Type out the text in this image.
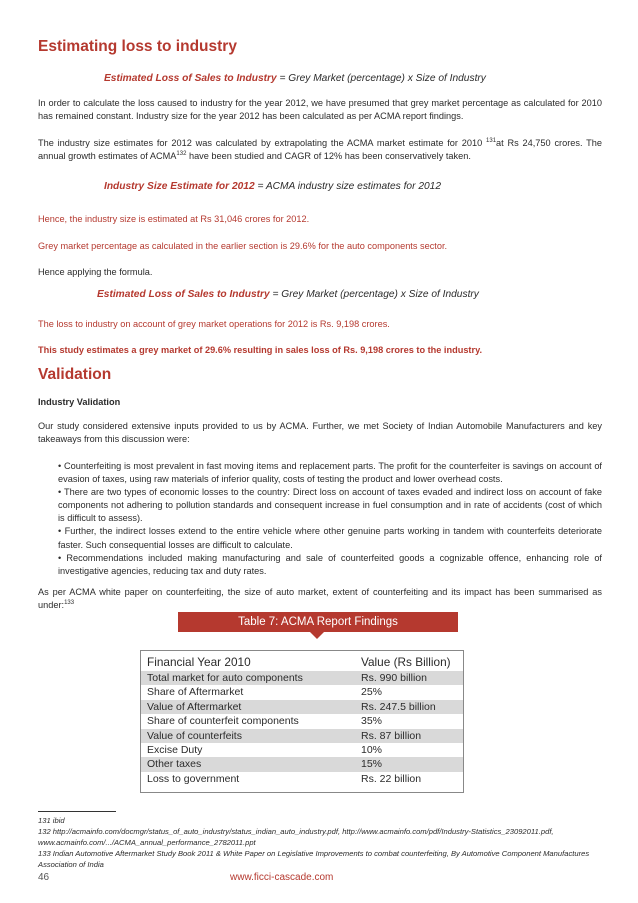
Estimating loss to industry
Estimated Loss of Sales to Industry = Grey Market (percentage) x Size of Industry

In order to calculate the loss caused to industry for the year 2012, we have presumed that grey market percentage as calculated for 2010 has remained constant. Industry size for the year 2012 has been calculated as per ACMA report findings.

The industry size estimates for 2012 was calculated by extrapolating the ACMA market estimate for 2010 $^{131}$at Rs 24,750 crores. The annual growth estimates of ACMA$^{132}$ have been studied and CAGR of 12% has been conservatively taken.

Industry Size Estimate for 2012 = ACMA industry size estimates for 2012

Hence, the industry size is estimated at Rs 31,046 crores for 2012.

Grey market percentage as calculated in the earlier section is 29.6% for the auto components sector.

Hence applying the formula.

Estimated Loss of Sales to Industry = Grey Market (percentage) x Size of Industry

The loss to industry on account of grey market operations for 2012 is Rs. 9,198 crores.

This study estimates a grey market of 29.6% resulting in sales loss of Rs. 9,198 crores to the industry.

Validation

Industry Validation

Our study considered extensive inputs provided to us by ACMA. Further, we met Society of Indian Automobile Manufacturers and key takeaways from this discussion were:

• Counterfeiting is most prevalent in fast moving items and replacement parts. The profit for the counterfeiter is savings on account of evasion of taxes, using raw materials of inferior quality, costs of testing the product and lower overhead costs.
• There are two types of economic losses to the country: Direct loss on account of taxes evaded and indirect loss on account of fake components not adhering to pollution standards and consequent increase in fuel consumption and in rate of accidents (cost of which is difficult to assess).
• Further, the indirect losses extend to the entire vehicle where other genuine parts working in tandem with counterfeits deteriorate faster. Such consequential losses are difficult to calculate.
• Recommendations included making manufacturing and sale of counterfeited goods a cognizable offence, enhancing role of investigative agencies, reducing tax and duty rates.

As per ACMA white paper on counterfeiting, the size of auto market, extent of counterfeiting and its impact has been summarised as under:$^{133}$

Table 7: ACMA Report Findings
Financial Year 2010	Value (Rs Billion)
Total market for auto components	Rs. 990 billion
Share of Aftermarket	25%
Value of Aftermarket	Rs. 247.5 billion
Share of counterfeit components	35%
Value of counterfeits	Rs. 87 billion
Excise Duty	10%
Other taxes	15%
Loss to government	Rs. 22 billion
131 ibid
132 http://acmainfo.com/docmgr/status_of_auto_industry/status_indian_auto_industry.pdf, http://www.acmainfo.com/pdf/Industry-Statistics_23092011.pdf, www.acmainfo.com/.../ACMA_annual_performance_2782011.ppt
133 Indian Automotive Aftermarket Study Book 2011 & White Paper on Legislative Improvements to combat counterfeiting, By Automotive Component Manufactures Association of India
46	www.ficci-cascade.com
